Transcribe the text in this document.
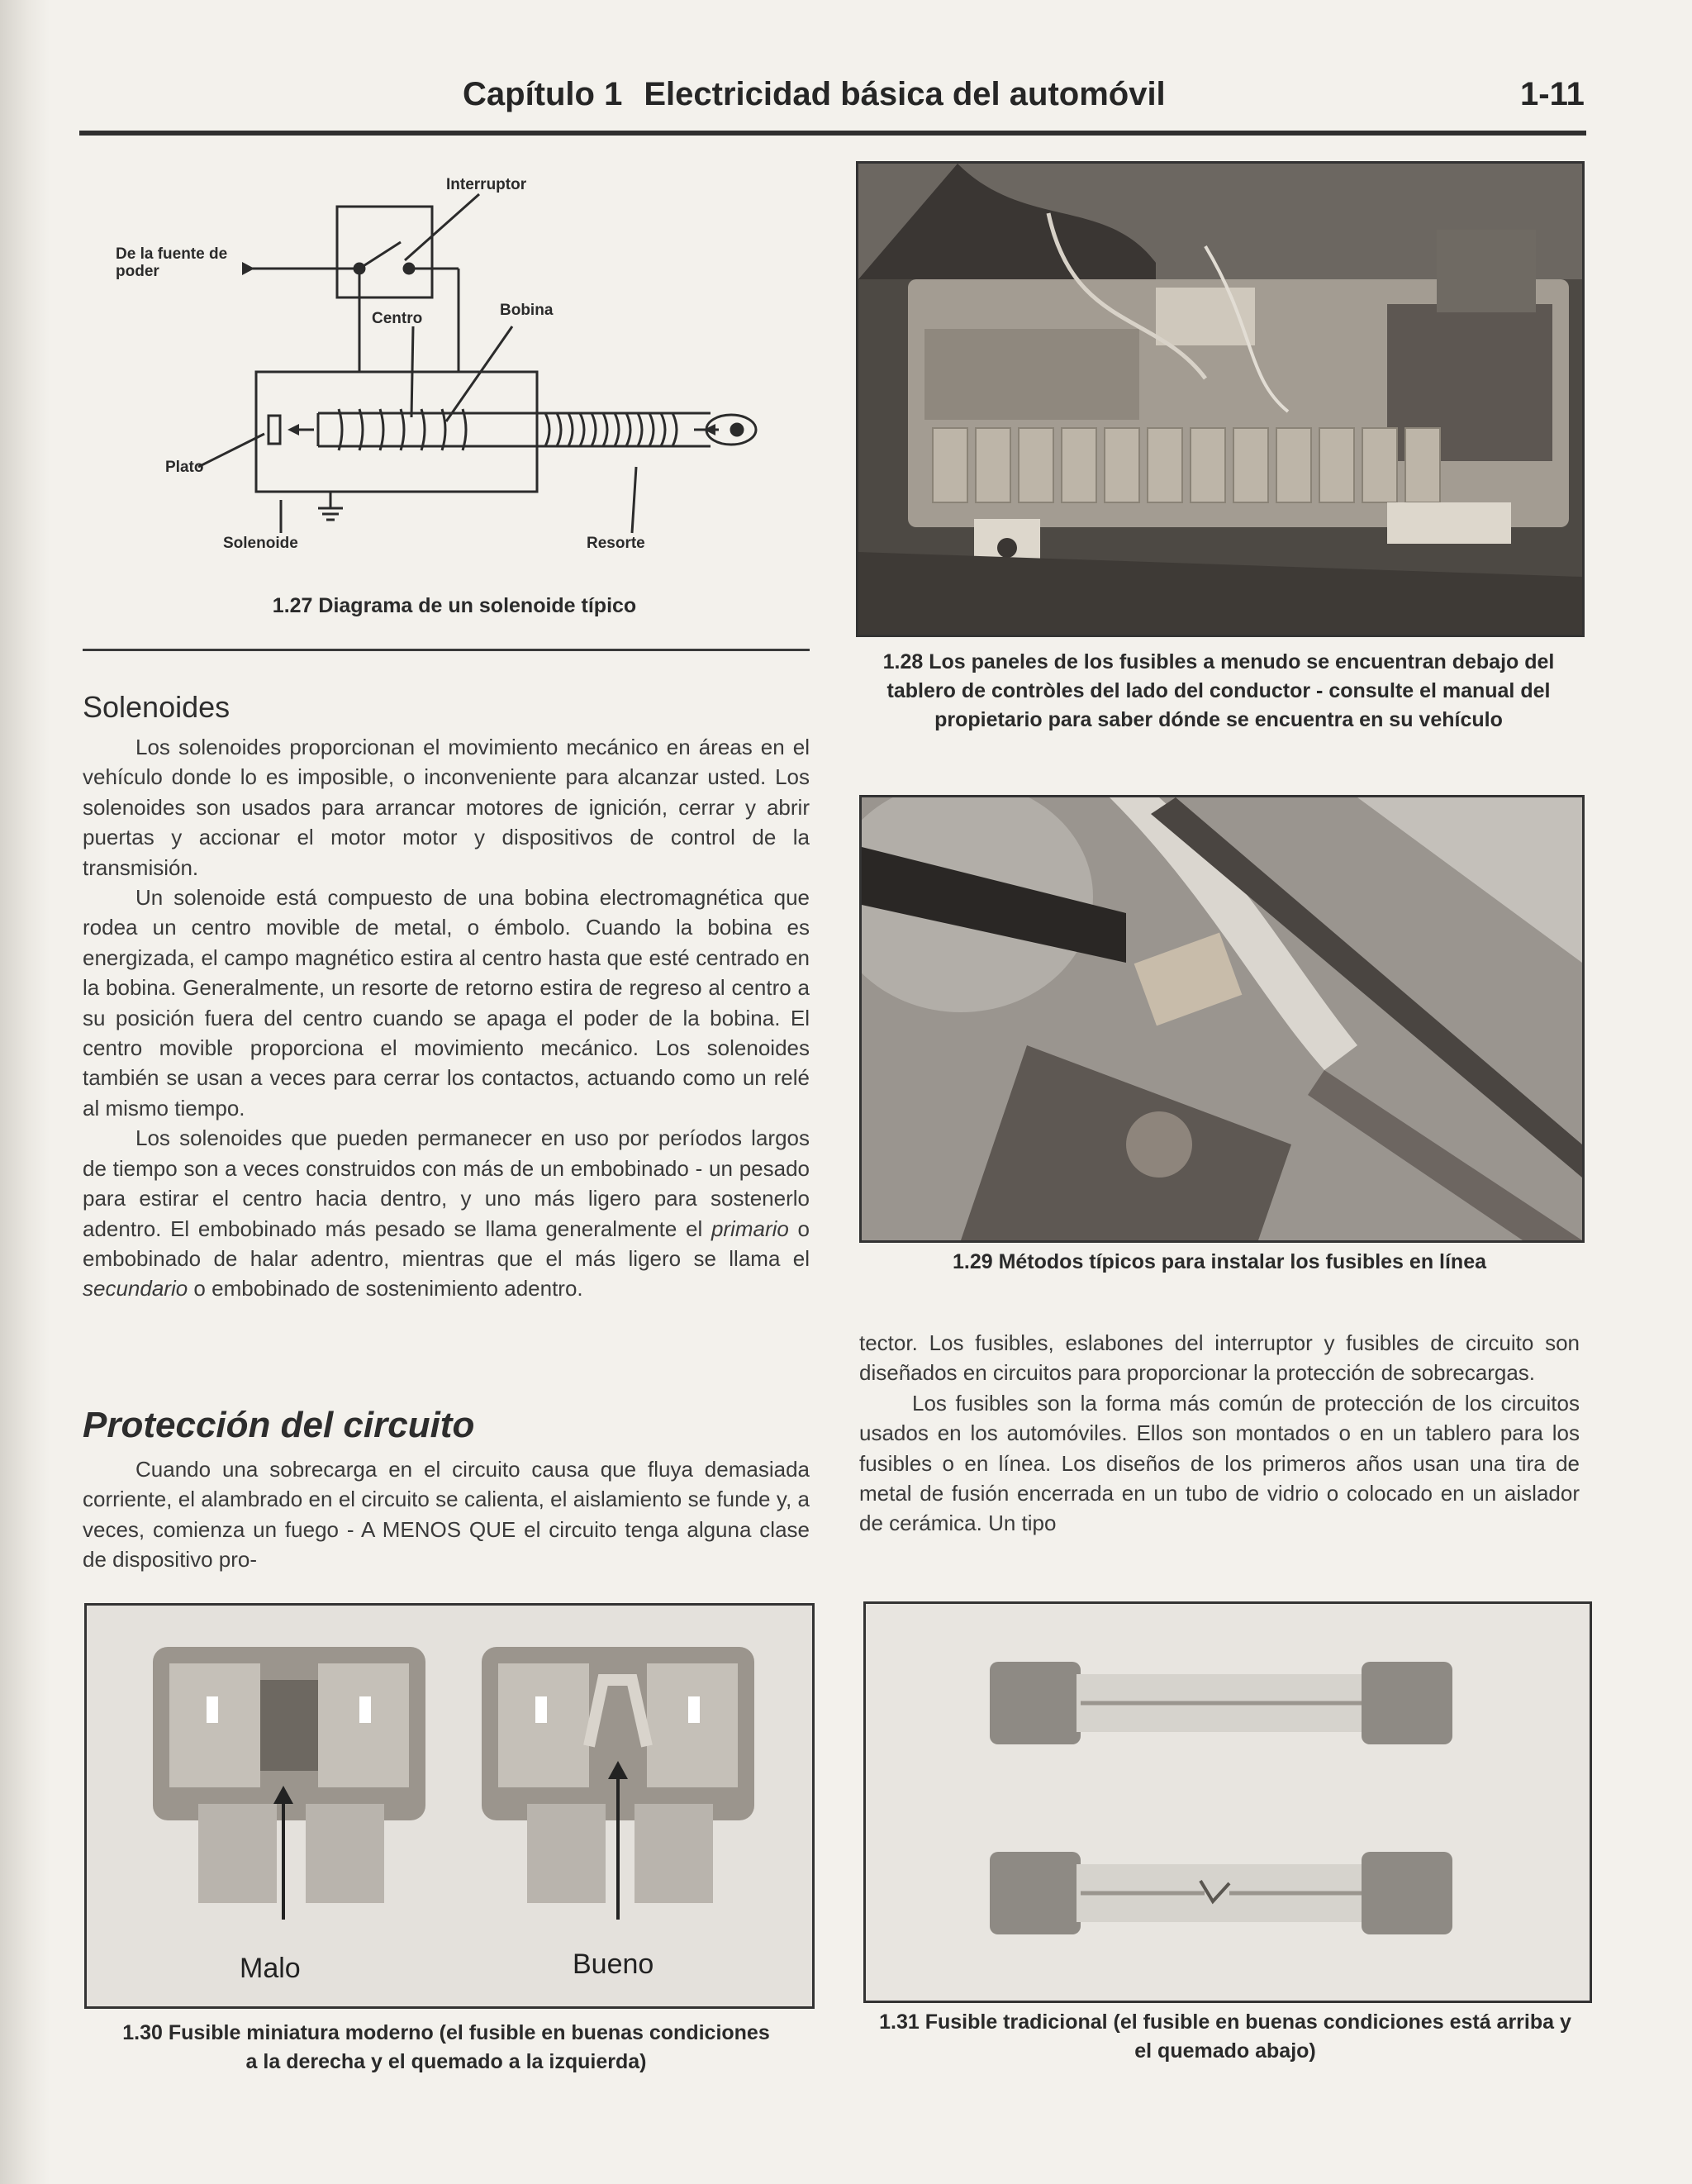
Capítulo 1 Electricidad básica del automóvil	1-11
Interruptor
De la fuente de poder
Centro	Bobina
Plato
Solenoide	Resorte
1.27 Diagrama de un solenoide típico
1.28 Los paneles de los fusibles a menudo se encuentran debajo del tablero de contròles del lado del conductor - consulte el manual del propietario para saber dónde se encuentra en su vehículo
1.29 Métodos típicos para instalar los fusibles en línea
Solenoides

Los solenoides proporcionan el movimiento mecánico en áreas en el vehículo donde lo es imposible, o inconveniente para alcanzar usted. Los solenoides son usados para arrancar motores de ignición, cerrar y abrir puertas y accionar el motor motor y dispositivos de control de la transmisión.

Un solenoide está compuesto de una bobina electromagnética que rodea un centro movible de metal, o émbolo. Cuando la bobina es energizada, el campo magnético estira al centro hasta que esté centrado en la bobina. Generalmente, un resorte de retorno estira de regreso al centro a su posición fuera del centro cuando se apaga el poder de la bobina. El centro movible proporciona el movimiento mecánico. Los solenoides también se usan a veces para cerrar los contactos, actuando como un relé al mismo tiempo.

Los solenoides que pueden permanecer en uso por períodos largos de tiempo son a veces construidos con más de un embobinado - un pesado para estirar el centro hacia dentro, y uno más ligero para sostenerlo adentro. El embobinado más pesado se llama generalmente el primario o embobinado de halar adentro, mientras que el más ligero se llama el secundario o embobinado de sostenimiento adentro.

Protección del circuito

Cuando una sobrecarga en el circuito causa que fluya demasiada corriente, el alambrado en el circuito se calienta, el aislamiento se funde y, a veces, comienza un fuego - A MENOS QUE el circuito tenga alguna clase de dispositivo pro-

tector. Los fusibles, eslabones del interruptor y fusibles de circuito son diseñados en circuitos para proporcionar la protección de sobrecargas.

Los fusibles son la forma más común de protección de los circuitos usados en los automóviles. Ellos son montados o en un tablero para los fusibles o en línea. Los diseños de los primeros años usan una tira de metal de fusión encerrada en un tubo de vidrio o colocado en un aislador de cerámica. Un tipo

Malo	Bueno
1.30 Fusible miniatura moderno (el fusible en buenas condiciones a la derecha y el quemado a la izquierda)
1.31 Fusible tradicional (el fusible en buenas condiciones está arriba y el quemado abajo)
